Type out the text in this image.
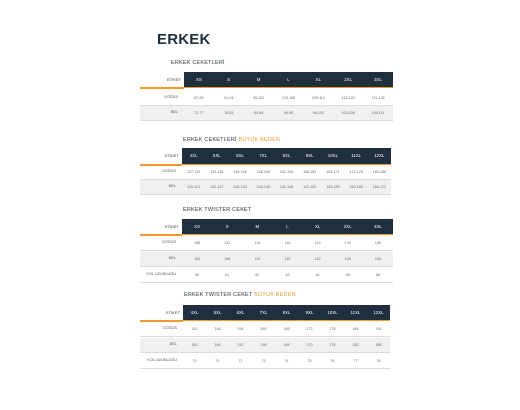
ERKEK
ERKEK CEKETLERİ
ETİKET	XS	S	M	L	XL	2XL	3XL
GÖĞÜS	87-90	91-94	95-102	103-108	109-114	115-120	121-126
BEL	72-77	78-83	84-89	90-95	96-102	103-108	109-114
ERKEK CEKETLERİ BÜYÜK BEDEN
ETİKET	4XL	5XL	6XL	7XL	8XL	9XL	10XL	11XL	12XL
GÖĞÜS	127-132	133-138	139-145	146-150	151-155	156-163	164-171	172-179	180-186
BEL	115-121	122-127	128-133	134-140	141-146	147-152	153-159	160-165	166-172
ERKEK TWISTER CEKET
ETİKET	XS	S	M	L	XL	2XL	3XL
GÖĞÜS	108	112	114	118	124	130	136
BEL	104	108	112	116	122	128	134
KOL UZUNLUĞU	60	61	62	63	64	65	66
ERKEK TWISTER CEKET BÜYÜK BEDEN
ETİKET	4XL	5XL	6XL	7XL	8XL	9XL	10XL	11XL	12XL
GÖĞÜS	142	148	154	160	166	172	178	184	190
BEL	140	146	152	158	164	170	176	182	188
KOL UZUNLUĞU	70	71	72	73	74	75	76	77	78
